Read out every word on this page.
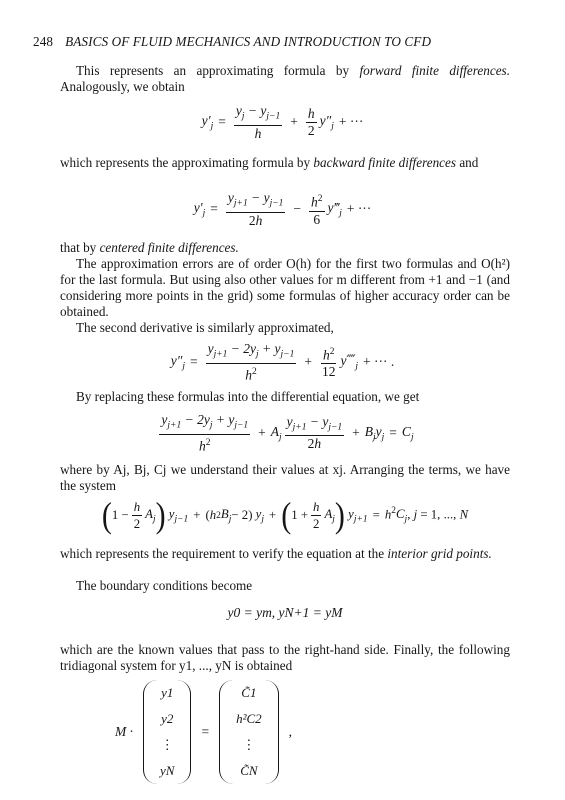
248 BASICS OF FLUID MECHANICS AND INTRODUCTION TO CFD

This represents an approximating formula by forward finite differences. Analogously, we obtain

$y'_j = \frac{y_j - y_{j-1}}{h} + \frac{h}{2} y''_j$ + ···

which represents the approximating formula by backward finite differences and

$y'_j = \frac{y_{j+1} - y_{j-1}}{2h} - \frac{h^2}{6}$ $y‴_j$ + ···

that by centered finite differences.

The approximation errors are of order O(h) for the first two formulas and O(h²) for the last formula. But using also other values for m different from +1 and −1 (and considering more points in the grid) some formulas of higher accuracy order can be obtained.

The second derivative is similarly approximated,

$y''_j = \frac{y_{j+1} - 2y_j + y_{j-1}}{h^2} + \frac{h^2}{12}$ $y⁗_j$ + ··· .

By replacing these formulas into the differential equation, we get

$\frac{y_{j+1} - 2y_j + y_{j-1}}{h^2} + A_j \frac{y_{j+1} - y_{j-1}}{2h} + B_jy_j = C_j$

where by Aj, Bj, Cj we understand their values at xj. Arranging the terms, we have the system

( $1 - \frac{h}{2} A_j$ ) $y_{j-1}$ + ( h 2 $B_j - 2$) $y_j$ + ( $1 + \frac{h}{2} A_j$ ) $y_{j+1} = h^2C_j$, j = 1, ..., N

which represents the requirement to verify the equation at the interior grid points.

The boundary conditions become

y0 = ym, yN+1 = yM

which are the known values that pass to the right-hand side. Finally, the following tridiagonal system for y1, ..., yN is obtained

M ·
y1
y2
⋮
yN
=
C̃1
h²C2
⋮
C̃N
,
